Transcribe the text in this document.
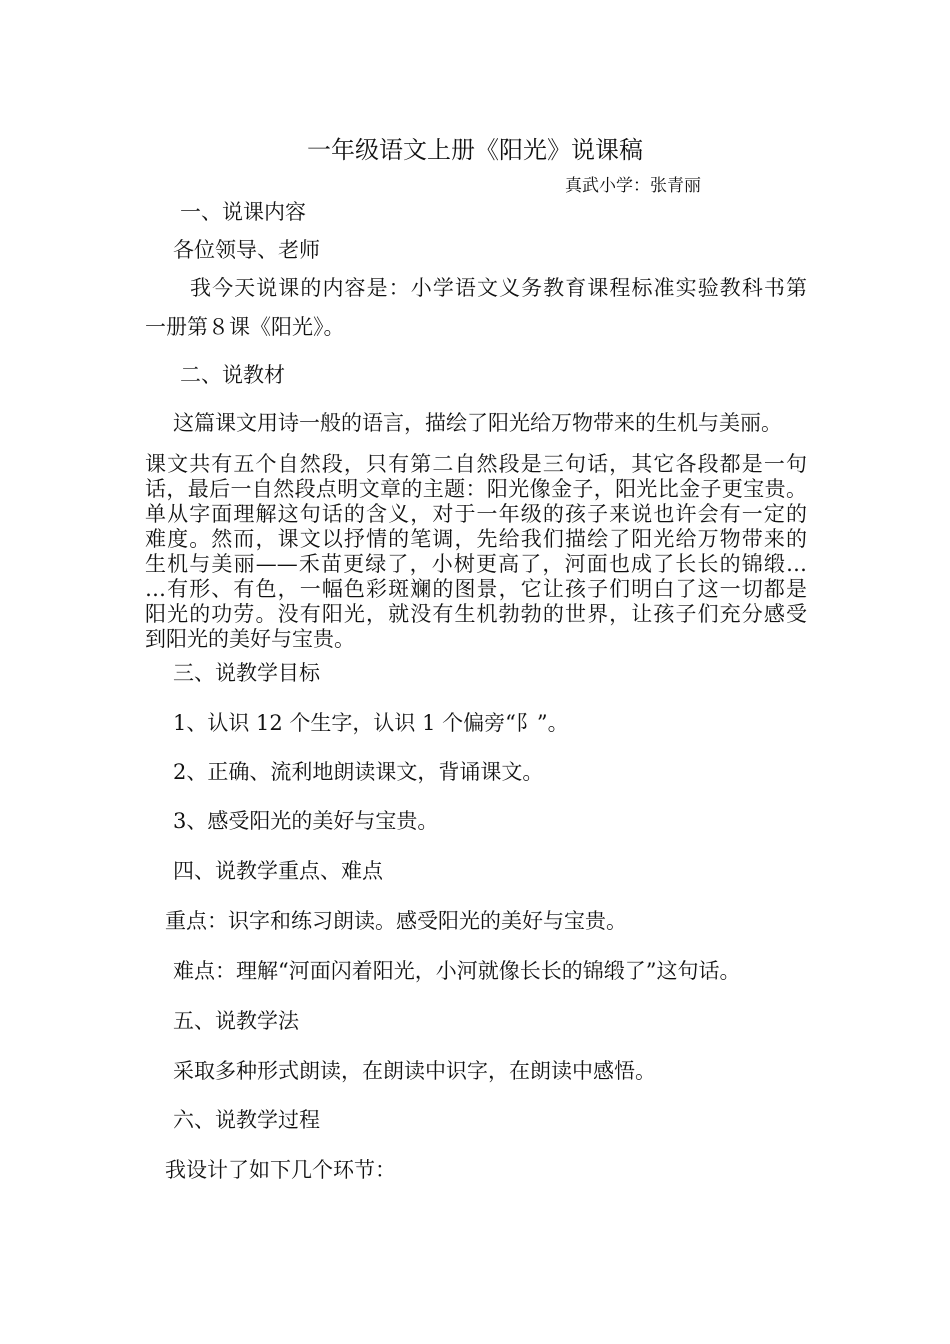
一年级语文上册《阳光》说课稿
真武小学：张青丽
一、说课内容
各位领导、老师
我今天说课的内容是：小学语文义务教育课程标准实验教科书第
一册第８课《阳光》。
二、说教材
这篇课文用诗一般的语言，描绘了阳光给万物带来的生机与美丽。
课文共有五个自然段，只有第二自然段是三句话，其它各段都是一句
话，最后一自然段点明文章的主题：阳光像金子，阳光比金子更宝贵。
单从字面理解这句话的含义，对于一年级的孩子来说也许会有一定的
难度。然而，课文以抒情的笔调，先给我们描绘了阳光给万物带来的
生机与美丽——禾苗更绿了，小树更高了，河面也成了长长的锦缎…
…有形、有色，一幅色彩斑斓的图景，它让孩子们明白了这一切都是
阳光的功劳。没有阳光，就没有生机勃勃的世界，让孩子们充分感受
到阳光的美好与宝贵。
三、说教学目标
1、认识 12 个生字，认识 1 个偏旁“阝”。
2、正确、流利地朗读课文，背诵课文。
3、感受阳光的美好与宝贵。
四、说教学重点、难点
重点：识字和练习朗读。感受阳光的美好与宝贵。
难点：理解“河面闪着阳光，小河就像长长的锦缎了”这句话。
五、说教学法
采取多种形式朗读，在朗读中识字，在朗读中感悟。
六、说教学过程
我设计了如下几个环节：
